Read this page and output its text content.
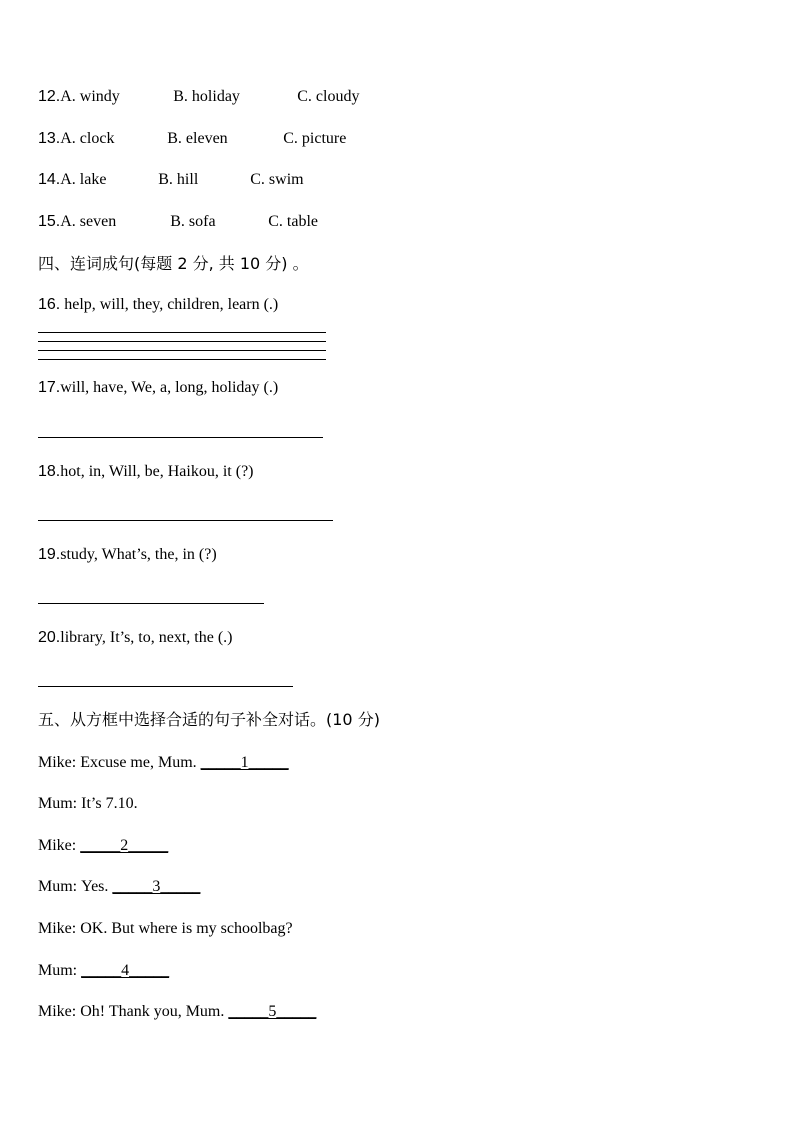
12.A. windy	B. holiday	C. cloudy
13.A. clock	B. eleven	C. picture
14.A. lake	B. hill	C. swim
15.A. seven	B. sofa	C. table
四、连词成句(每题 2 分, 共 10 分) 。
16. help, will, they, children, learn (.)
17.will, have, We, a, long, holiday (.)
18.hot, in, Will, be, Haikou, it (?)
19.study, What’s, the, in (?)
20.library, It’s, to, next, the (.)
五、从方框中选择合适的句子补全对话。(10 分)
Mike: Excuse me, Mum. _____1_____
Mum: It’s 7.10.
Mike: _____2_____
Mum: Yes. _____3_____
Mike: OK. But where is my schoolbag?
Mum: _____4_____
Mike: Oh! Thank you, Mum. _____5_____
